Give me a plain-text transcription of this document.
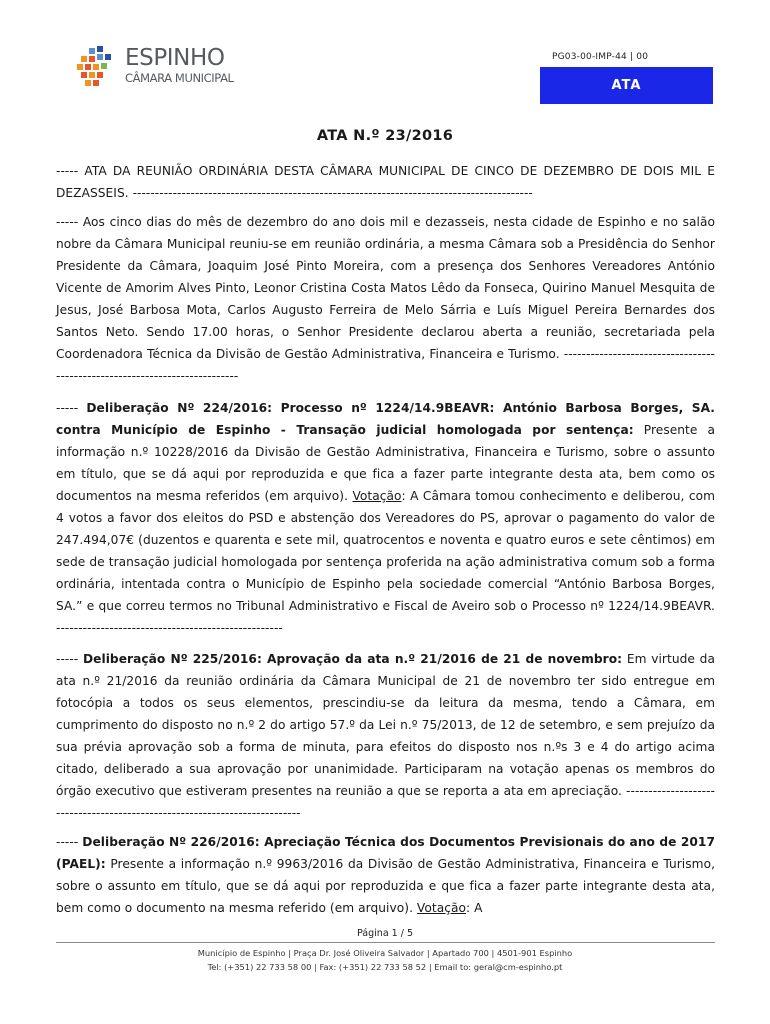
ESPINHO
CÂMARA MUNICIPAL
PG03-00-IMP-44 | 00
ATA
ATA N.º 23/2016
----- ATA DA REUNIÃO ORDINÁRIA DESTA CÂMARA MUNICIPAL DE CINCO DE DEZEMBRO DE DOIS MIL E DEZASSEIS. ------------------------------------------------------------------------------------------
----- Aos cinco dias do mês de dezembro do ano dois mil e dezasseis, nesta cidade de Espinho e no salão nobre da Câmara Municipal reuniu-se em reunião ordinária, a mesma Câmara sob a Presidência do Senhor Presidente da Câmara, Joaquim José Pinto Moreira, com a presença dos Senhores Vereadores António Vicente de Amorim Alves Pinto, Leonor Cristina Costa Matos Lêdo da Fonseca, Quirino Manuel Mesquita de Jesus, José Barbosa Mota, Carlos Augusto Ferreira de Melo Sárria e Luís Miguel Pereira Bernardes dos Santos Neto. Sendo 17.00 horas, o Senhor Presidente declarou aberta a reunião, secretariada pela Coordenadora Técnica da Divisão de Gestão Administrativa, Financeira e Turismo. ---------------------------------------------------------------------------
----- Deliberação Nº 224/2016: Processo nº 1224/14.9BEAVR: António Barbosa Borges, SA. contra Município de Espinho - Transação judicial homologada por sentença: Presente a informação n.º 10228/2016 da Divisão de Gestão Administrativa, Financeira e Turismo, sobre o assunto em título, que se dá aqui por reproduzida e que fica a fazer parte integrante desta ata, bem como os documentos na mesma referidos (em arquivo). Votação: A Câmara tomou conhecimento e deliberou, com 4 votos a favor dos eleitos do PSD e abstenção dos Vereadores do PS, aprovar o pagamento do valor de 247.494,07€ (duzentos e quarenta e sete mil, quatrocentos e noventa e quatro euros e sete cêntimos) em sede de transação judicial homologada por sentença proferida na ação administrativa comum sob a forma ordinária, intentada contra o Município de Espinho pela sociedade comercial “António Barbosa Borges, SA.” e que correu termos no Tribunal Administrativo e Fiscal de Aveiro sob o Processo nº 1224/14.9BEAVR. ---------------------------------------------------
----- Deliberação Nº 225/2016: Aprovação da ata n.º 21/2016 de 21 de novembro: Em virtude da ata n.º 21/2016 da reunião ordinária da Câmara Municipal de 21 de novembro ter sido entregue em fotocópia a todos os seus elementos, prescindiu-se da leitura da mesma, tendo a Câmara, em cumprimento do disposto no n.º 2 do artigo 57.º da Lei n.º 75/2013, de 12 de setembro, e sem prejuízo da sua prévia aprovação sob a forma de minuta, para efeitos do disposto nos n.ºs 3 e 4 do artigo acima citado, deliberado a sua aprovação por unanimidade. Participaram na votação apenas os membros do órgão executivo que estiveram presentes na reunião a que se reporta a ata em apreciação. ---------------------------------------------------------------------------
----- Deliberação Nº 226/2016: Apreciação Técnica dos Documentos Previsionais do ano de 2017 (PAEL): Presente a informação n.º 9963/2016 da Divisão de Gestão Administrativa, Financeira e Turismo, sobre o assunto em título, que se dá aqui por reproduzida e que fica a fazer parte integrante desta ata, bem como o documento na mesma referido (em arquivo). Votação: A
Página 1 / 5
Município de Espinho | Praça Dr. José Oliveira Salvador | Apartado 700 | 4501-901 Espinho
Tel: (+351) 22 733 58 00 | Fax: (+351) 22 733 58 52 | Email to: geral@cm-espinho.pt
